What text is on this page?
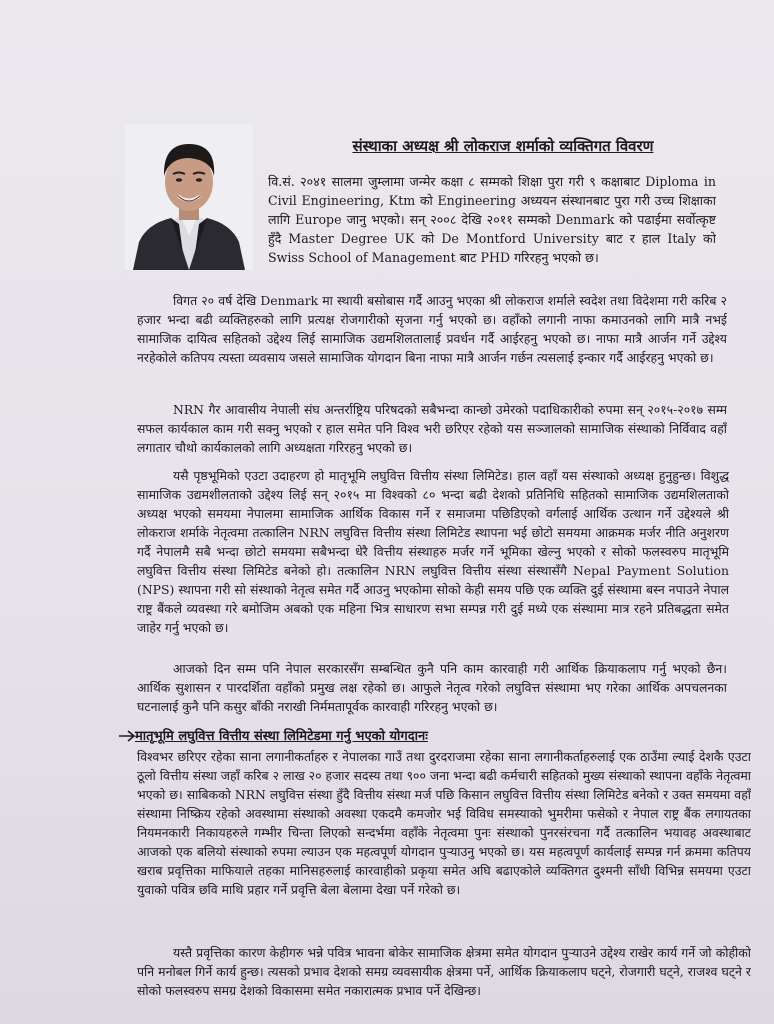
संस्थाका अध्यक्ष श्री लोकराज शर्माको व्यक्तिगत विवरण

वि.सं. २०४१ सालमा जुम्लामा जन्मेर कक्षा ८ सम्मको शिक्षा पुरा गरी ९ कक्षाबाट Diploma in Civil Engineering, Ktm को Engineering अध्ययन संस्थानबाट पुरा गरी उच्च शिक्षाका लागि Europe जानु भएको। सन् २००८ देखि २०११ सम्मको Denmark को पढाईमा सर्वोत्कृष्ट हुँदै Master Degree UK को De Montford University बाट र हाल Italy को Swiss School of Management बाट PHD गरिरहनु भएको छ।

विगत २० वर्ष देखि Denmark मा स्थायी बसोबास गर्दै आउनु भएका श्री लोकराज शर्माले स्वदेश तथा विदेशमा गरी करिब २ हजार भन्दा बढी व्यक्तिहरुको लागि प्रत्यक्ष रोजगारीको सृजना गर्नु भएको छ। वहाँको लगानी नाफा कमाउनको लागि मात्रै नभई सामाजिक दायित्व सहितको उद्देश्य लिई सामाजिक उद्यमशिलतालाई प्रवर्धन गर्दै आईरहनु भएको छ। नाफा मात्रै आर्जन गर्ने उद्देश्य नरहेकोले कतिपय त्यस्ता व्यवसाय जसले सामाजिक योगदान बिना नाफा मात्रै आर्जन गर्छन त्यसलाई इन्कार गर्दै आईरहनु भएको छ।

NRN गैर आवासीय नेपाली संघ अन्तर्राष्ट्रिय परिषदको सबैभन्दा कान्छो उमेरको पदाधिकारीको रुपमा सन् २०१५-२०१७ सम्म सफल कार्यकाल काम गरी सक्नु भएको र हाल समेत पनि विश्व भरी छरिएर रहेको यस सञ्जालको सामाजिक संस्थाको निर्विवाद वहाँ लगातार चौथो कार्यकालको लागि अध्यक्षता गरिरहनु भएको छ।

यसै पृष्ठभूमिको एउटा उदाहरण हो मातृभूमि लघुवित्त वित्तीय संस्था लिमिटेड। हाल वहाँ यस संस्थाको अध्यक्ष हुनुहुन्छ। विशुद्ध सामाजिक उद्यमशीलताको उद्देश्य लिई सन् २०१५ मा विश्वको ८० भन्दा बढी देशको प्रतिनिधि सहितको सामाजिक उद्यमशिलताको अध्यक्ष भएको समयमा नेपालमा सामाजिक आर्थिक विकास गर्ने र समाजमा पछिडिएको वर्गलाई आर्थिक उत्थान गर्ने उद्देश्यले श्री लोकराज शर्माके नेतृत्वमा तत्कालिन NRN लघुवित्त वित्तीय संस्था लिमिटेड स्थापना भई छोटो समयमा आक्रमक मर्जर नीति अनुशरण गर्दै नेपालमै सबै भन्दा छोटो समयमा सबैभन्दा धेरै वित्तीय संस्थाहरु मर्जर गर्ने भूमिका खेल्नु भएको र सोको फलस्वरुप मातृभूमि लघुवित्त वित्तीय संस्था लिमिटेड बनेको हो। तत्कालिन NRN लघुवित्त वित्तीय संस्था संस्थासँगै Nepal Payment Solution (NPS) स्थापना गरी सो संस्थाको नेतृत्व समेत गर्दै आउनु भएकोमा सोको केही समय पछि एक व्यक्ति दुई संस्थामा बस्न नपाउने नेपाल राष्ट्र बैंकले व्यवस्था गरे बमोजिम अबको एक महिना भित्र साधारण सभा सम्पन्न गरी दुई मध्ये एक संस्थामा मात्र रहने प्रतिबद्धता समेत जाहेर गर्नु भएको छ।

आजको दिन सम्म पनि नेपाल सरकारसँग सम्बन्धित कुनै पनि काम कारवाही गरी आर्थिक क्रियाकलाप गर्नु भएको छैन। आर्थिक सुशासन र पारदर्शिता वहाँको प्रमुख लक्ष रहेको छ। आफुले नेतृत्व गरेको लघुवित्त संस्थामा भए गरेका आर्थिक अपचलनका घटनालाई कुनै पनि कसुर बाँकी नराखी निर्ममतापूर्वक कारवाही गरिरहनु भएको छ।

मातृभूमि लघुवित्त वित्तीय संस्था लिमिटेडमा गर्नु भएको योगदानः

विश्वभर छरिएर रहेका साना लगानीकर्ताहरु र नेपालका गाउँ तथा दुरदराजमा रहेका साना लगानीकर्ताहरुलाई एक ठाउँमा ल्याई देशकै एउटा ठूलो वित्तीय संस्था जहाँ करिब २ लाख २० हजार सदस्य तथा ९०० जना भन्दा बढी कर्मचारी सहितको मुख्य संस्थाको स्थापना वहाँके नेतृत्वमा भएको छ। साबिकको NRN लघुवित्त संस्था हुँदै वित्तीय संस्था मर्ज पछि किसान लघुवित्त वित्तीय संस्था लिमिटेड बनेको र उक्त समयमा वहाँ संस्थामा निष्क्रिय रहेको अवस्थामा संस्थाको अवस्था एकदमै कमजोर भई विविध समस्याको भुमरीमा फसेको र नेपाल राष्ट्र बैंक लगायतका नियमनकारी निकायहरुले गम्भीर चिन्ता लिएको सन्दर्भमा वहाँके नेतृत्वमा पुनः संस्थाको पुनरसंरचना गर्दै तत्कालिन भयावह अवस्थाबाट आजको एक बलियो संस्थाको रुपमा ल्याउन एक महत्वपूर्ण योगदान पुऱ्याउनु भएको छ। यस महत्वपूर्ण कार्यलाई सम्पन्न गर्न क्रममा कतिपय खराब प्रवृत्तिका माफियाले तहका मानिसहरुलाई कारवाहीको प्रकृया समेत अघि बढाएकोले व्यक्तिगत दुश्मनी साँधी विभिन्न समयमा एउटा युवाको पवित्र छवि माथि प्रहार गर्ने प्रवृत्ति बेला बेलामा देखा पर्ने गरेको छ।

यस्तै प्रवृत्तिका कारण केहीगरु भन्ने पवित्र भावना बोकेर सामाजिक क्षेत्रमा समेत योगदान पुऱ्याउने उद्देश्य राखेर कार्य गर्ने जो कोहीको पनि मनोबल गिर्ने कार्य हुन्छ। त्यसको प्रभाव देशको समग्र व्यवसायीक क्षेत्रमा पर्ने, आर्थिक क्रियाकलाप घट्ने, रोजगारी घट्ने, राजश्व घट्ने र सोको फलस्वरुप समग्र देशको विकासमा समेत नकारात्मक प्रभाव पर्ने देखिन्छ।
